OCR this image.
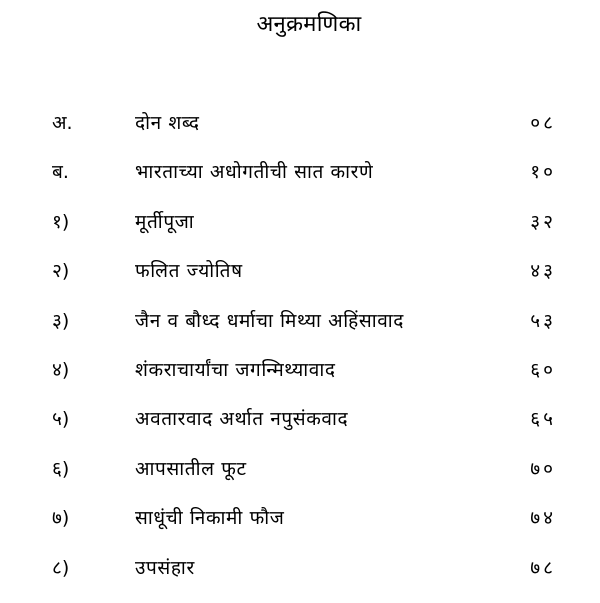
अनुक्रमणिका
अ.	दोन शब्द	०८
ब.	भारताच्या अधोगतीची सात कारणे	१०
१)	मूर्तीपूजा	३२
२)	फलित ज्योतिष	४३
३)	जैन व बौध्द धर्माचा मिथ्या अहिंसावाद	५३
४)	शंकराचार्यांचा जगन्मिथ्यावाद	६०
५)	अवतारवाद अर्थात नपुसंकवाद	६५
६)	आपसातील फूट	७०
७)	साधूंची निकामी फौज	७४
८)	उपसंहार	७८
